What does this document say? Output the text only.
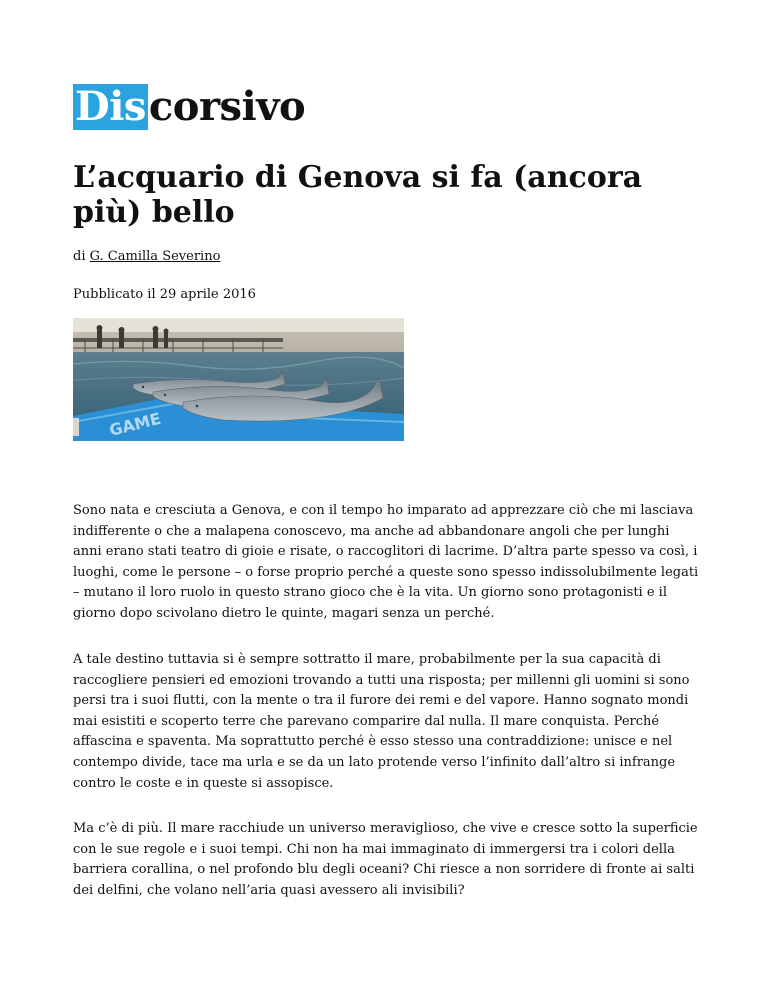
Dis corsivo
L’acquario di Genova si fa (ancora più) bello
di G. Camilla Severino
Pubblicato il 29 aprile 2016
GAME

Sono nata e cresciuta a Genova, e con il tempo ho imparato ad apprezzare ciò che mi lasciava indifferente o che a malapena conoscevo, ma anche ad abbandonare angoli che per lunghi anni erano stati teatro di gioie e risate, o raccoglitori di lacrime. D’altra parte spesso va così, i luoghi, come le persone – o forse proprio perché a queste sono spesso indissolubilmente legati – mutano il loro ruolo in questo strano gioco che è la vita. Un giorno sono protagonisti e il giorno dopo scivolano dietro le quinte, magari senza un perché.

A tale destino tuttavia si è sempre sottratto il mare, probabilmente per la sua capacità di raccogliere pensieri ed emozioni trovando a tutti una risposta; per millenni gli uomini si sono persi tra i suoi flutti, con la mente o tra il furore dei remi e del vapore. Hanno sognato mondi mai esistiti e scoperto terre che parevano comparire dal nulla. Il mare conquista. Perché affascina e spaventa. Ma soprattutto perché è esso stesso una contraddizione: unisce e nel contempo divide, tace ma urla e se da un lato protende verso l’infinito dall’altro si infrange contro le coste e in queste si assopisce.

Ma c’è di più. Il mare racchiude un universo meraviglioso, che vive e cresce sotto la superficie con le sue regole e i suoi tempi. Chi non ha mai immaginato di immergersi tra i colori della barriera corallina, o nel profondo blu degli oceani? Chi riesce a non sorridere di fronte ai salti dei delfini, che volano nell’aria quasi avessero ali invisibili?
